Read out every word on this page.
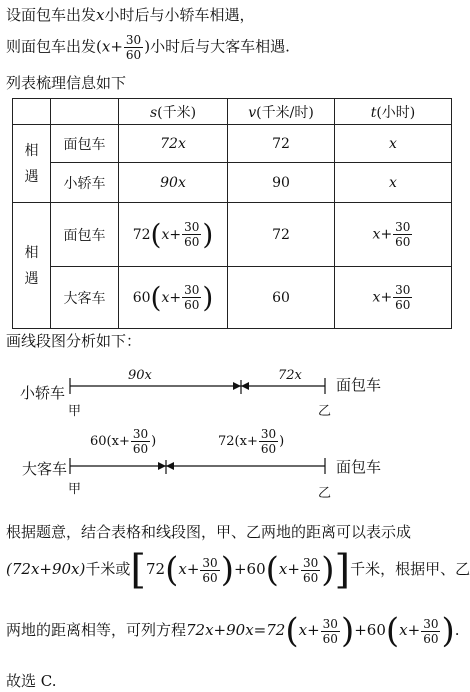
设面包车出发x小时后与小轿车相遇，
则面包车出发($x+ \frac{30}{60}$ )小时后与大客车相遇.
列表梳理信息如下
		s(千米)	v(千米/时)	t(小时)

相
遇	面包车	72x	72	x
	小轿车	90x	90	x

相
遇	面包车	$72(x+ \frac{30}{60}$ )	72	$x+ \frac{30}{60}$

	大客车	$60(x+ \frac{30}{60}$ )	60	$x+ \frac{30}{60}$
画线段图分析如下：
小轿车	面包车
甲	乙
90x	72x
大客车	面包车
甲	乙
$60(x+ \frac{30}{60}$ )	$72(x+ \frac{30}{60}$ )
根据题意，结合表格和线段图，甲、乙两地的距离可以表示成
(72x+90x)千米或[$72(x+ \frac{30}{60} )+60(x+ \frac{30}{60}$ )]千米，根据甲、乙
两地的距离相等，可列方程$72x+90x=72(x+ \frac{30}{60} )+60(x+ \frac{30}{60}$ ).
故选 C.
